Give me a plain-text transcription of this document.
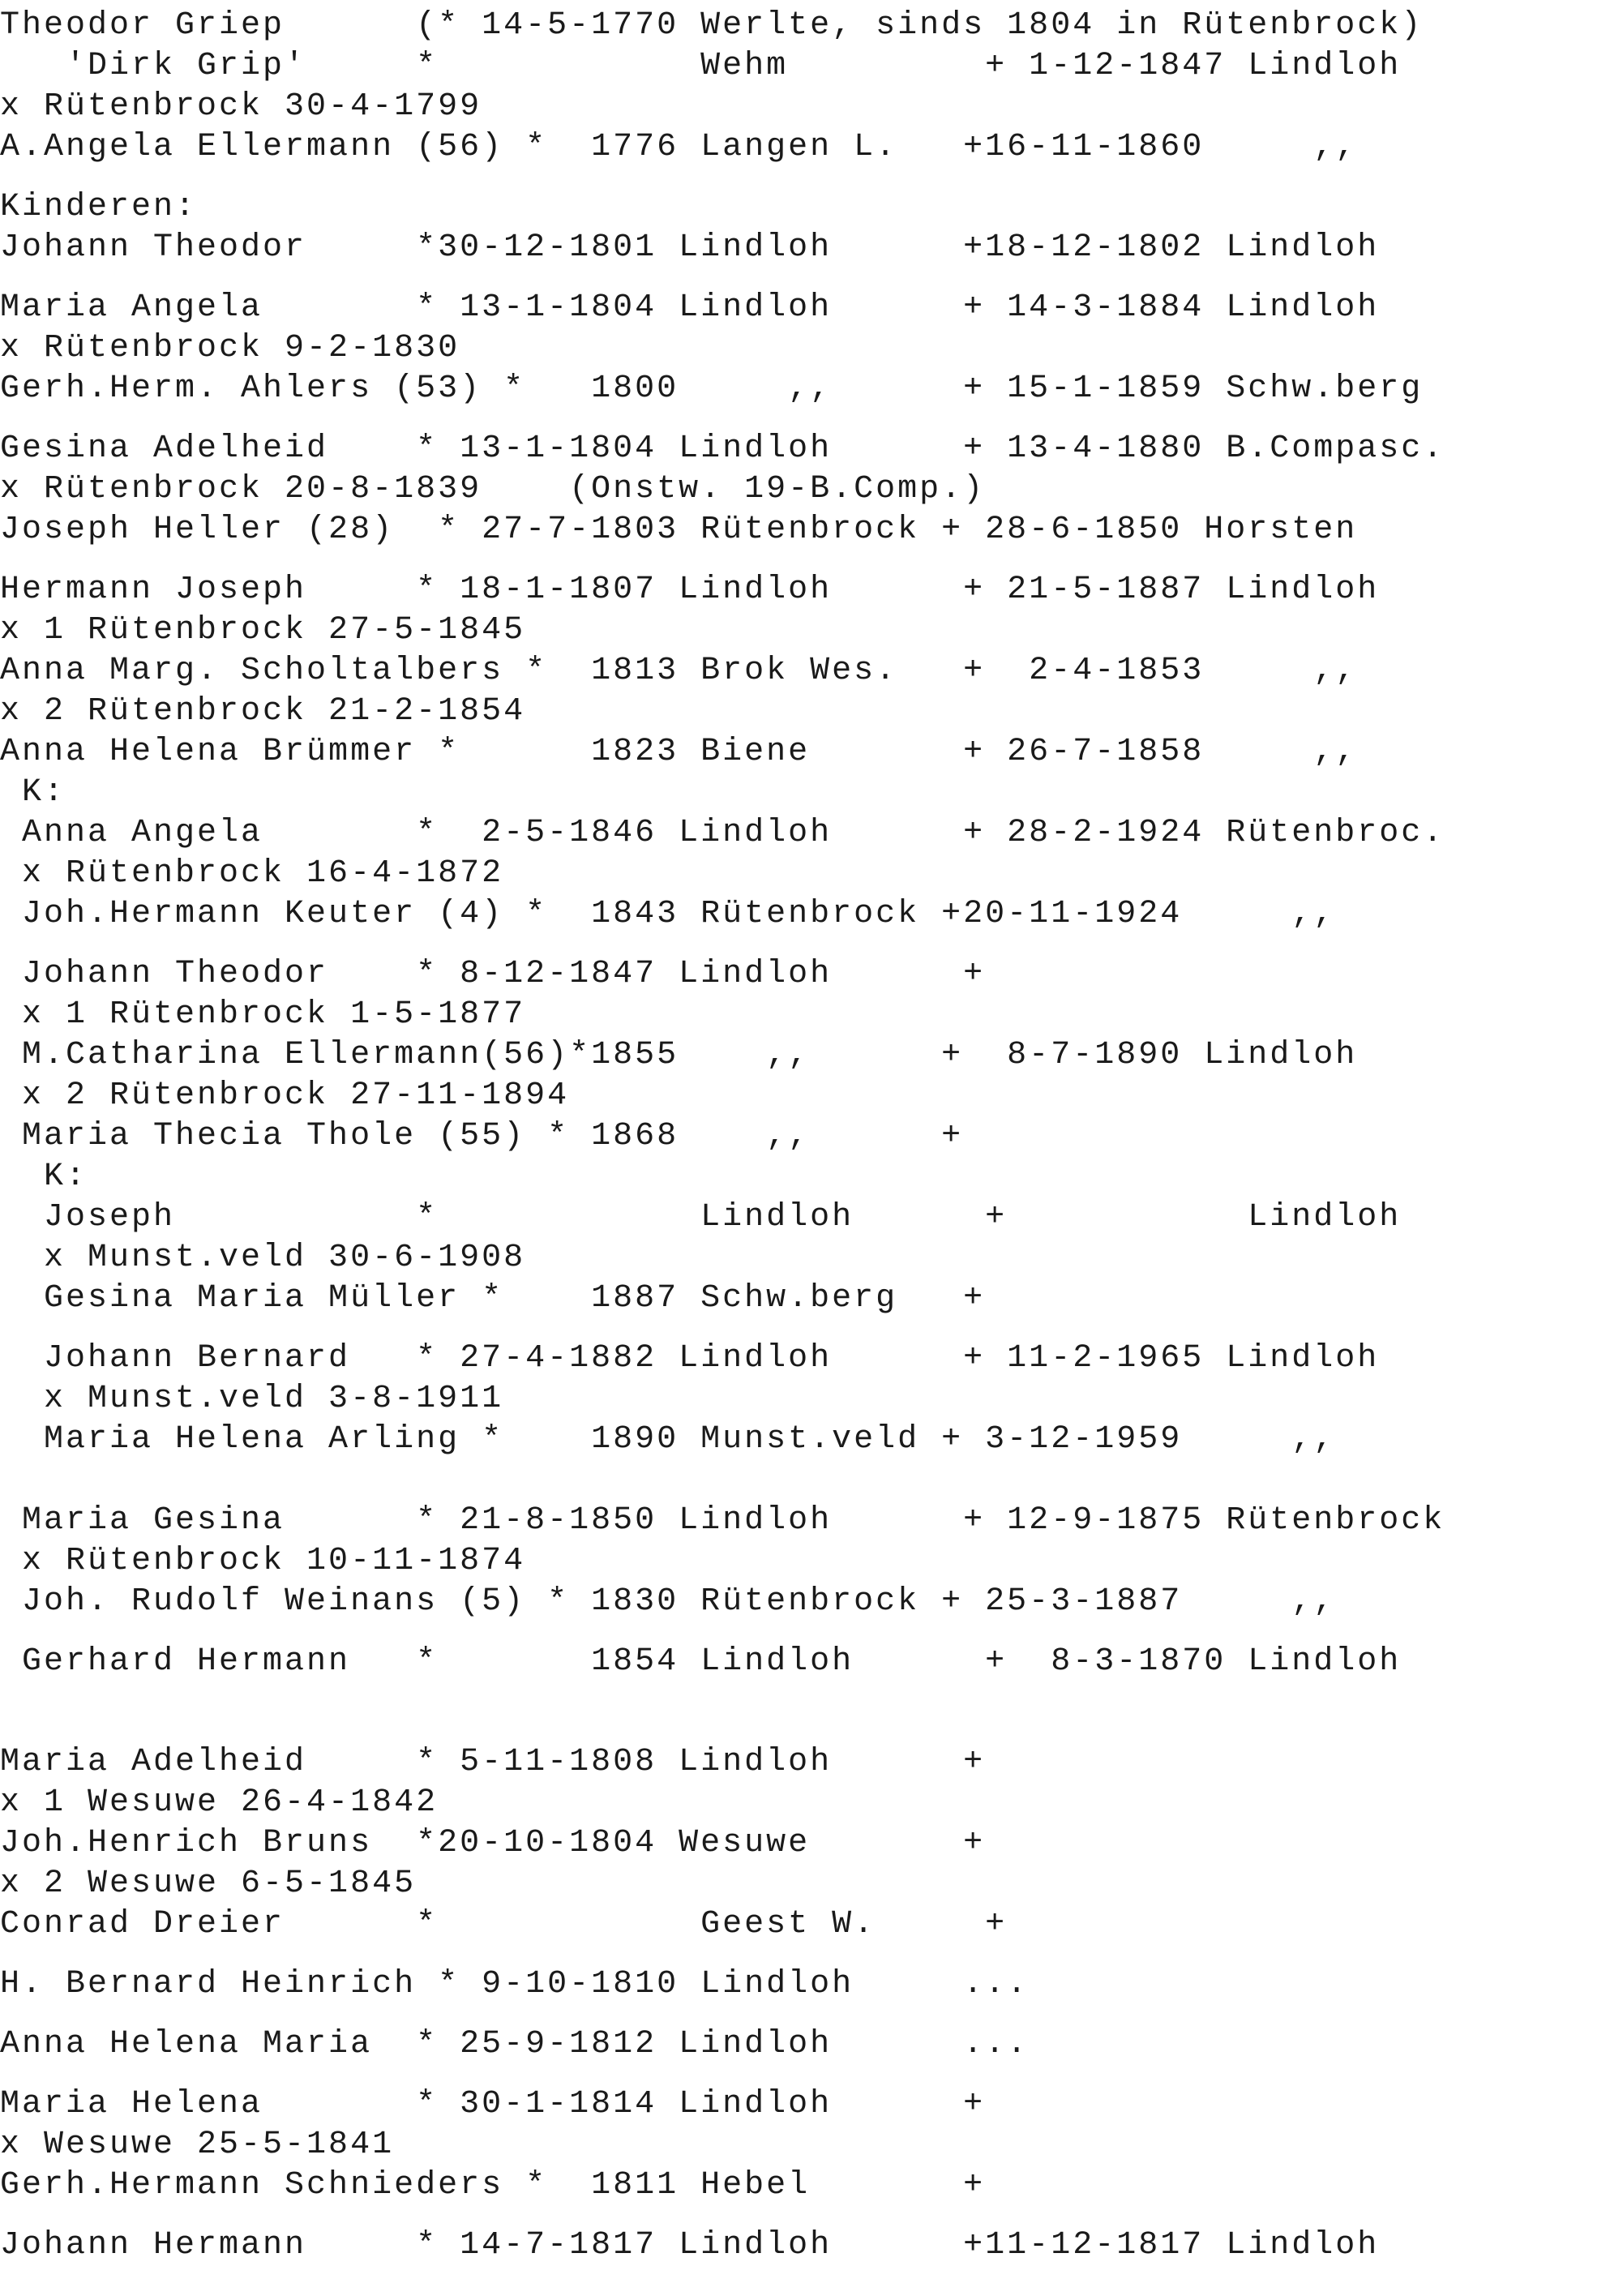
Theodor Griep      (* 14-5-1770 Werlte, sinds 1804 in Rütenbrock)

'Dirk Grip'     *            Wehm         + 1-12-1847 Lindloh

x Rütenbrock 30-4-1799

A.Angela Ellermann (56) *  1776 Langen L.   +16-11-1860     ,,

Kinderen:

Johann Theodor     *30-12-1801 Lindloh      +18-12-1802 Lindloh

Maria Angela       * 13-1-1804 Lindloh      + 14-3-1884 Lindloh

x Rütenbrock 9-2-1830

Gerh.Herm. Ahlers (53) *   1800     ,,      + 15-1-1859 Schw.berg

Gesina Adelheid    * 13-1-1804 Lindloh      + 13-4-1880 B.Compasc.

x Rütenbrock 20-8-1839    (Onstw. 19-B.Comp.)

Joseph Heller (28)  * 27-7-1803 Rütenbrock + 28-6-1850 Horsten

Hermann Joseph     * 18-1-1807 Lindloh      + 21-5-1887 Lindloh

x 1 Rütenbrock 27-5-1845

Anna Marg. Scholtalbers *  1813 Brok Wes.   +  2-4-1853     ,,

x 2 Rütenbrock 21-2-1854

Anna Helena Brümmer *      1823 Biene       + 26-7-1858     ,,

K:

Anna Angela       *  2-5-1846 Lindloh      + 28-2-1924 Rütenbroc.

x Rütenbrock 16-4-1872

Joh.Hermann Keuter (4) *  1843 Rütenbrock +20-11-1924     ,,

Johann Theodor    * 8-12-1847 Lindloh      +

x 1 Rütenbrock 1-5-1877

M.Catharina Ellermann(56)*1855    ,,      +  8-7-1890 Lindloh

x 2 Rütenbrock 27-11-1894

Maria Thecia Thole (55) * 1868    ,,      +

K:

Joseph           *            Lindloh      +           Lindloh

x Munst.veld 30-6-1908

Gesina Maria Müller *    1887 Schw.berg   +

Johann Bernard   * 27-4-1882 Lindloh      + 11-2-1965 Lindloh

x Munst.veld 3-8-1911

Maria Helena Arling *    1890 Munst.veld + 3-12-1959     ,,

Maria Gesina      * 21-8-1850 Lindloh      + 12-9-1875 Rütenbrock

x Rütenbrock 10-11-1874

Joh. Rudolf Weinans (5) * 1830 Rütenbrock + 25-3-1887     ,,

Gerhard Hermann   *       1854 Lindloh      +  8-3-1870 Lindloh

Maria Adelheid     * 5-11-1808 Lindloh      +

x 1 Wesuwe 26-4-1842

Joh.Henrich Bruns  *20-10-1804 Wesuwe       +

x 2 Wesuwe 6-5-1845

Conrad Dreier      *            Geest W.     +

H. Bernard Heinrich * 9-10-1810 Lindloh     ...

Anna Helena Maria  * 25-9-1812 Lindloh      ...

Maria Helena       * 30-1-1814 Lindloh      +

x Wesuwe 25-5-1841

Gerh.Hermann Schnieders *  1811 Hebel       +

Johann Hermann     * 14-7-1817 Lindloh      +11-12-1817 Lindloh
